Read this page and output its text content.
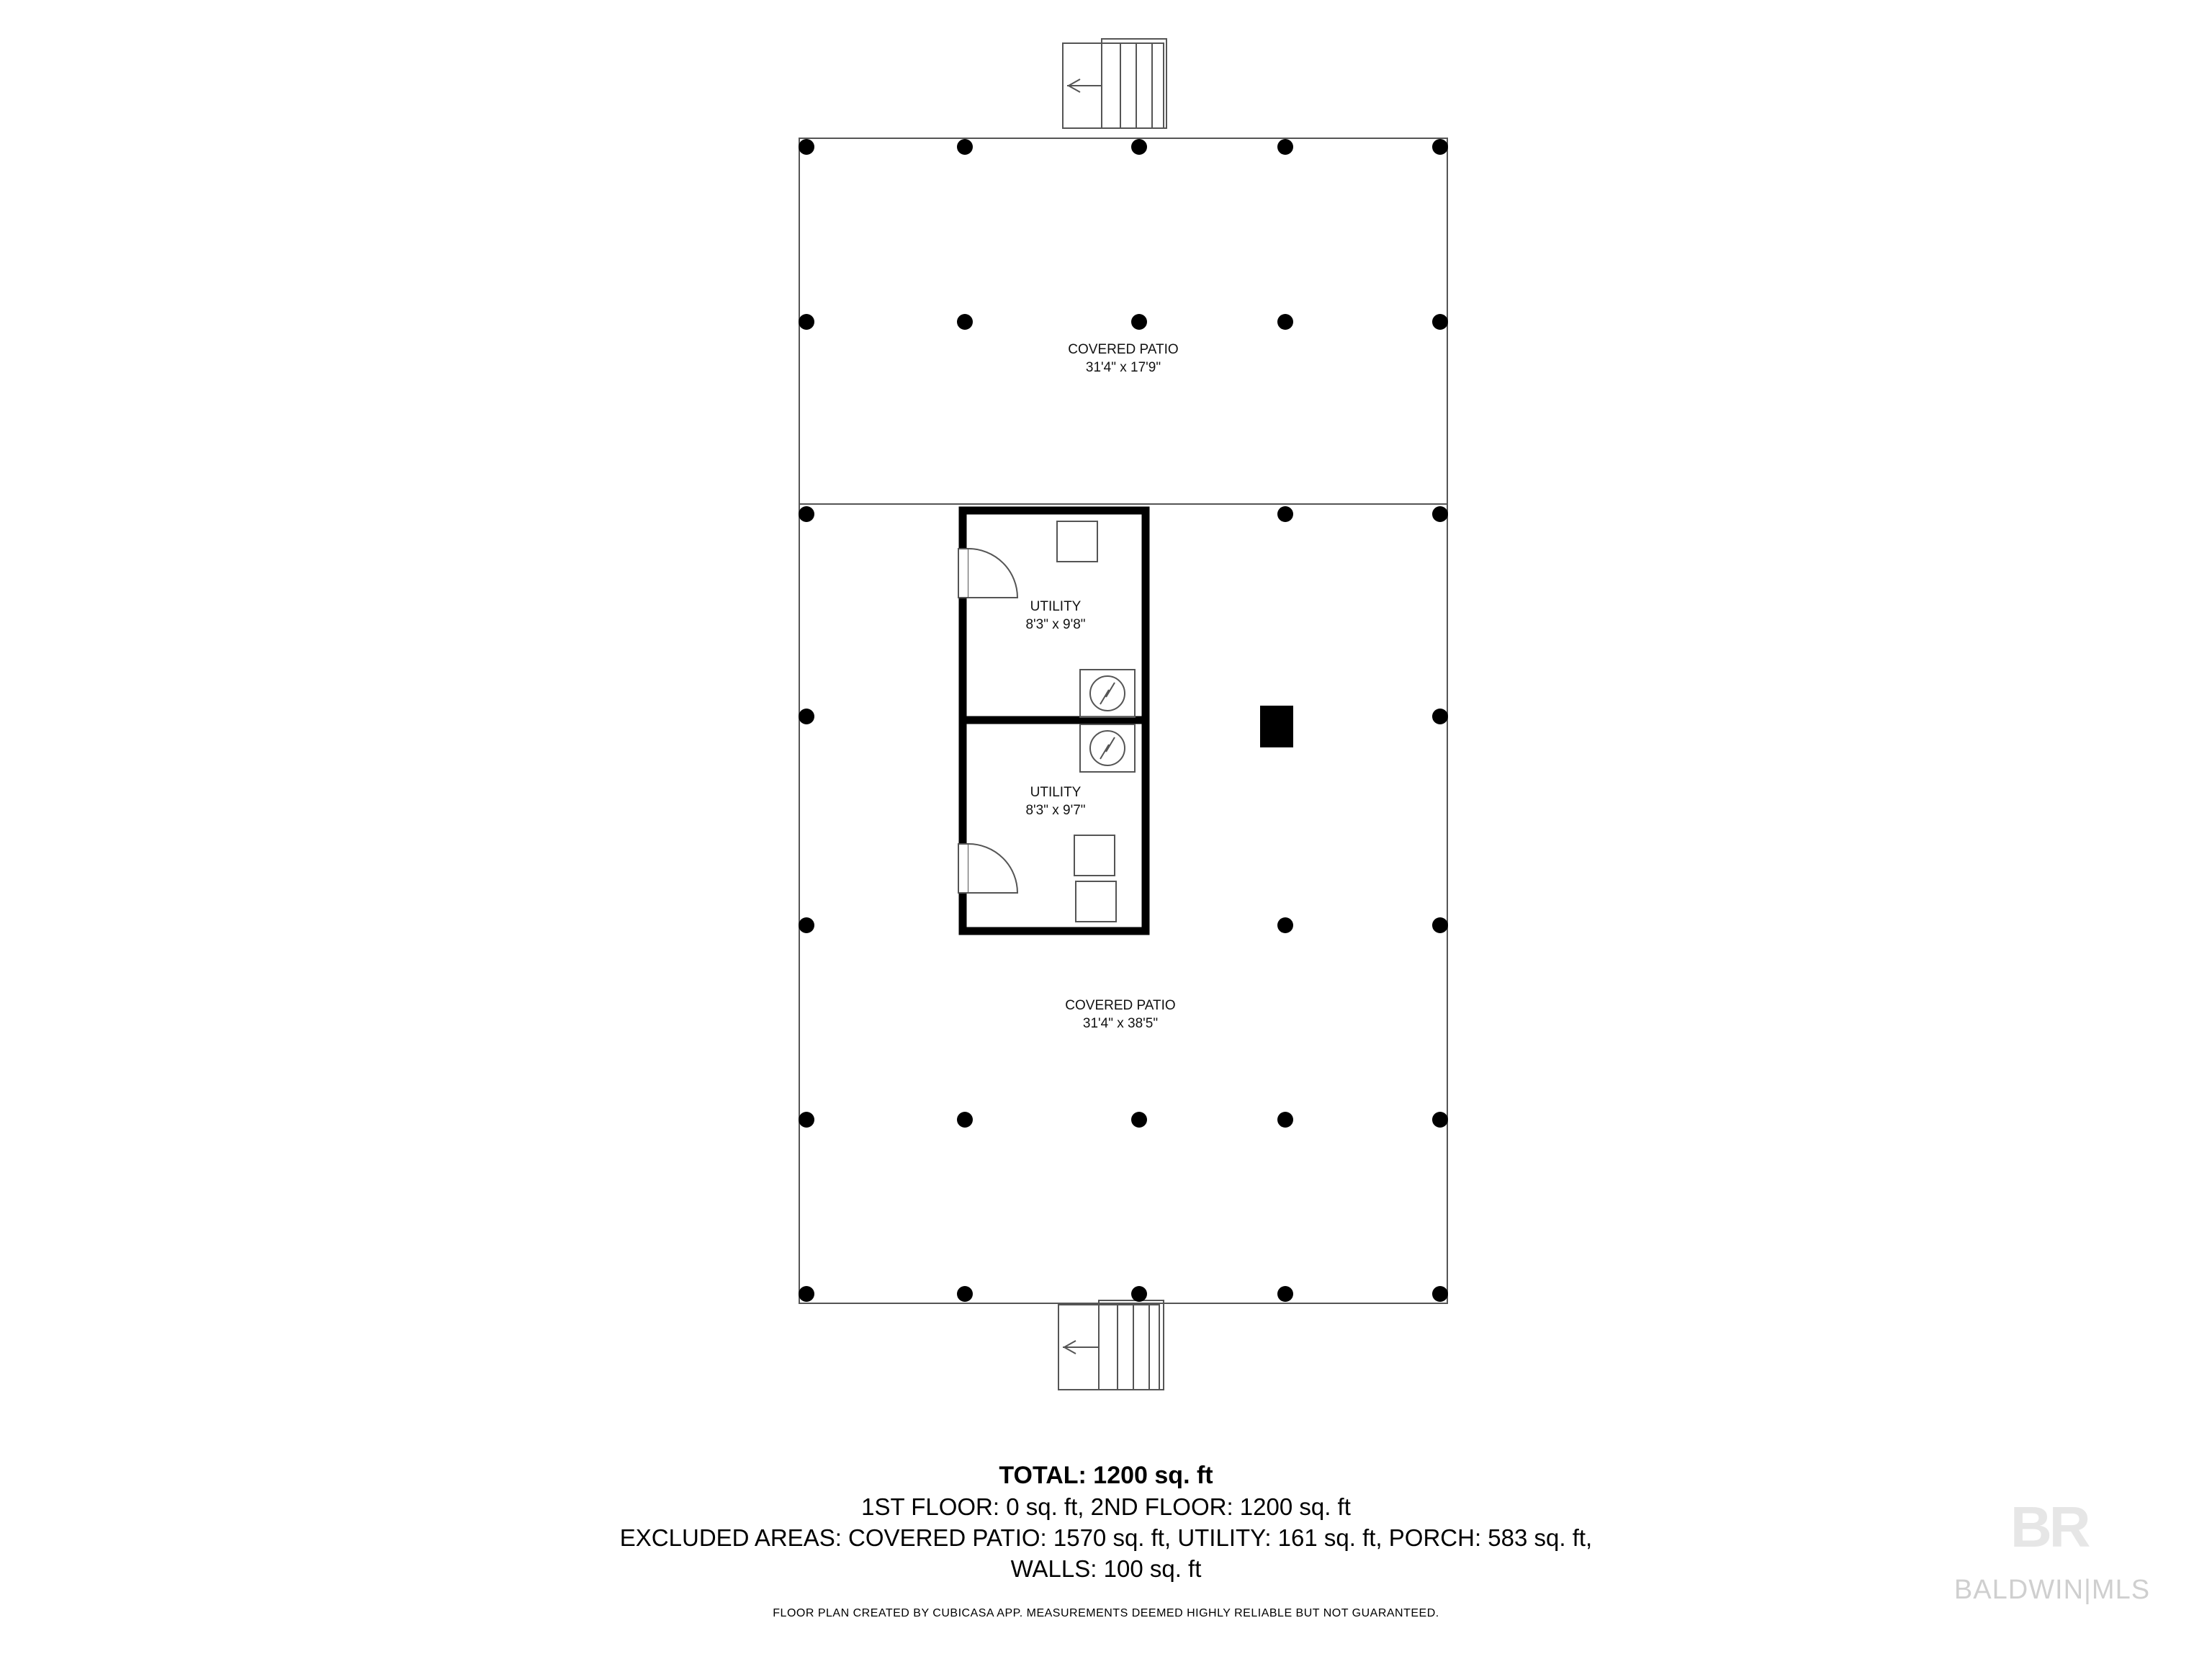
COVERED PATIO
31'4" x 17'9"
UTILITY
8'3" x 9'8"
UTILITY
8'3" x 9'7"
COVERED PATIO
31'4" x 38'5"
TOTAL: 1200 sq. ft
1ST FLOOR: 0 sq. ft, 2ND FLOOR: 1200 sq. ft
EXCLUDED AREAS: COVERED PATIO: 1570 sq. ft, UTILITY: 161 sq. ft, PORCH: 583 sq. ft,
WALLS: 100 sq. ft
FLOOR PLAN CREATED BY CUBICASA APP. MEASUREMENTS DEEMED HIGHLY RELIABLE BUT NOT GUARANTEED.
BR
BALDWIN|MLS
